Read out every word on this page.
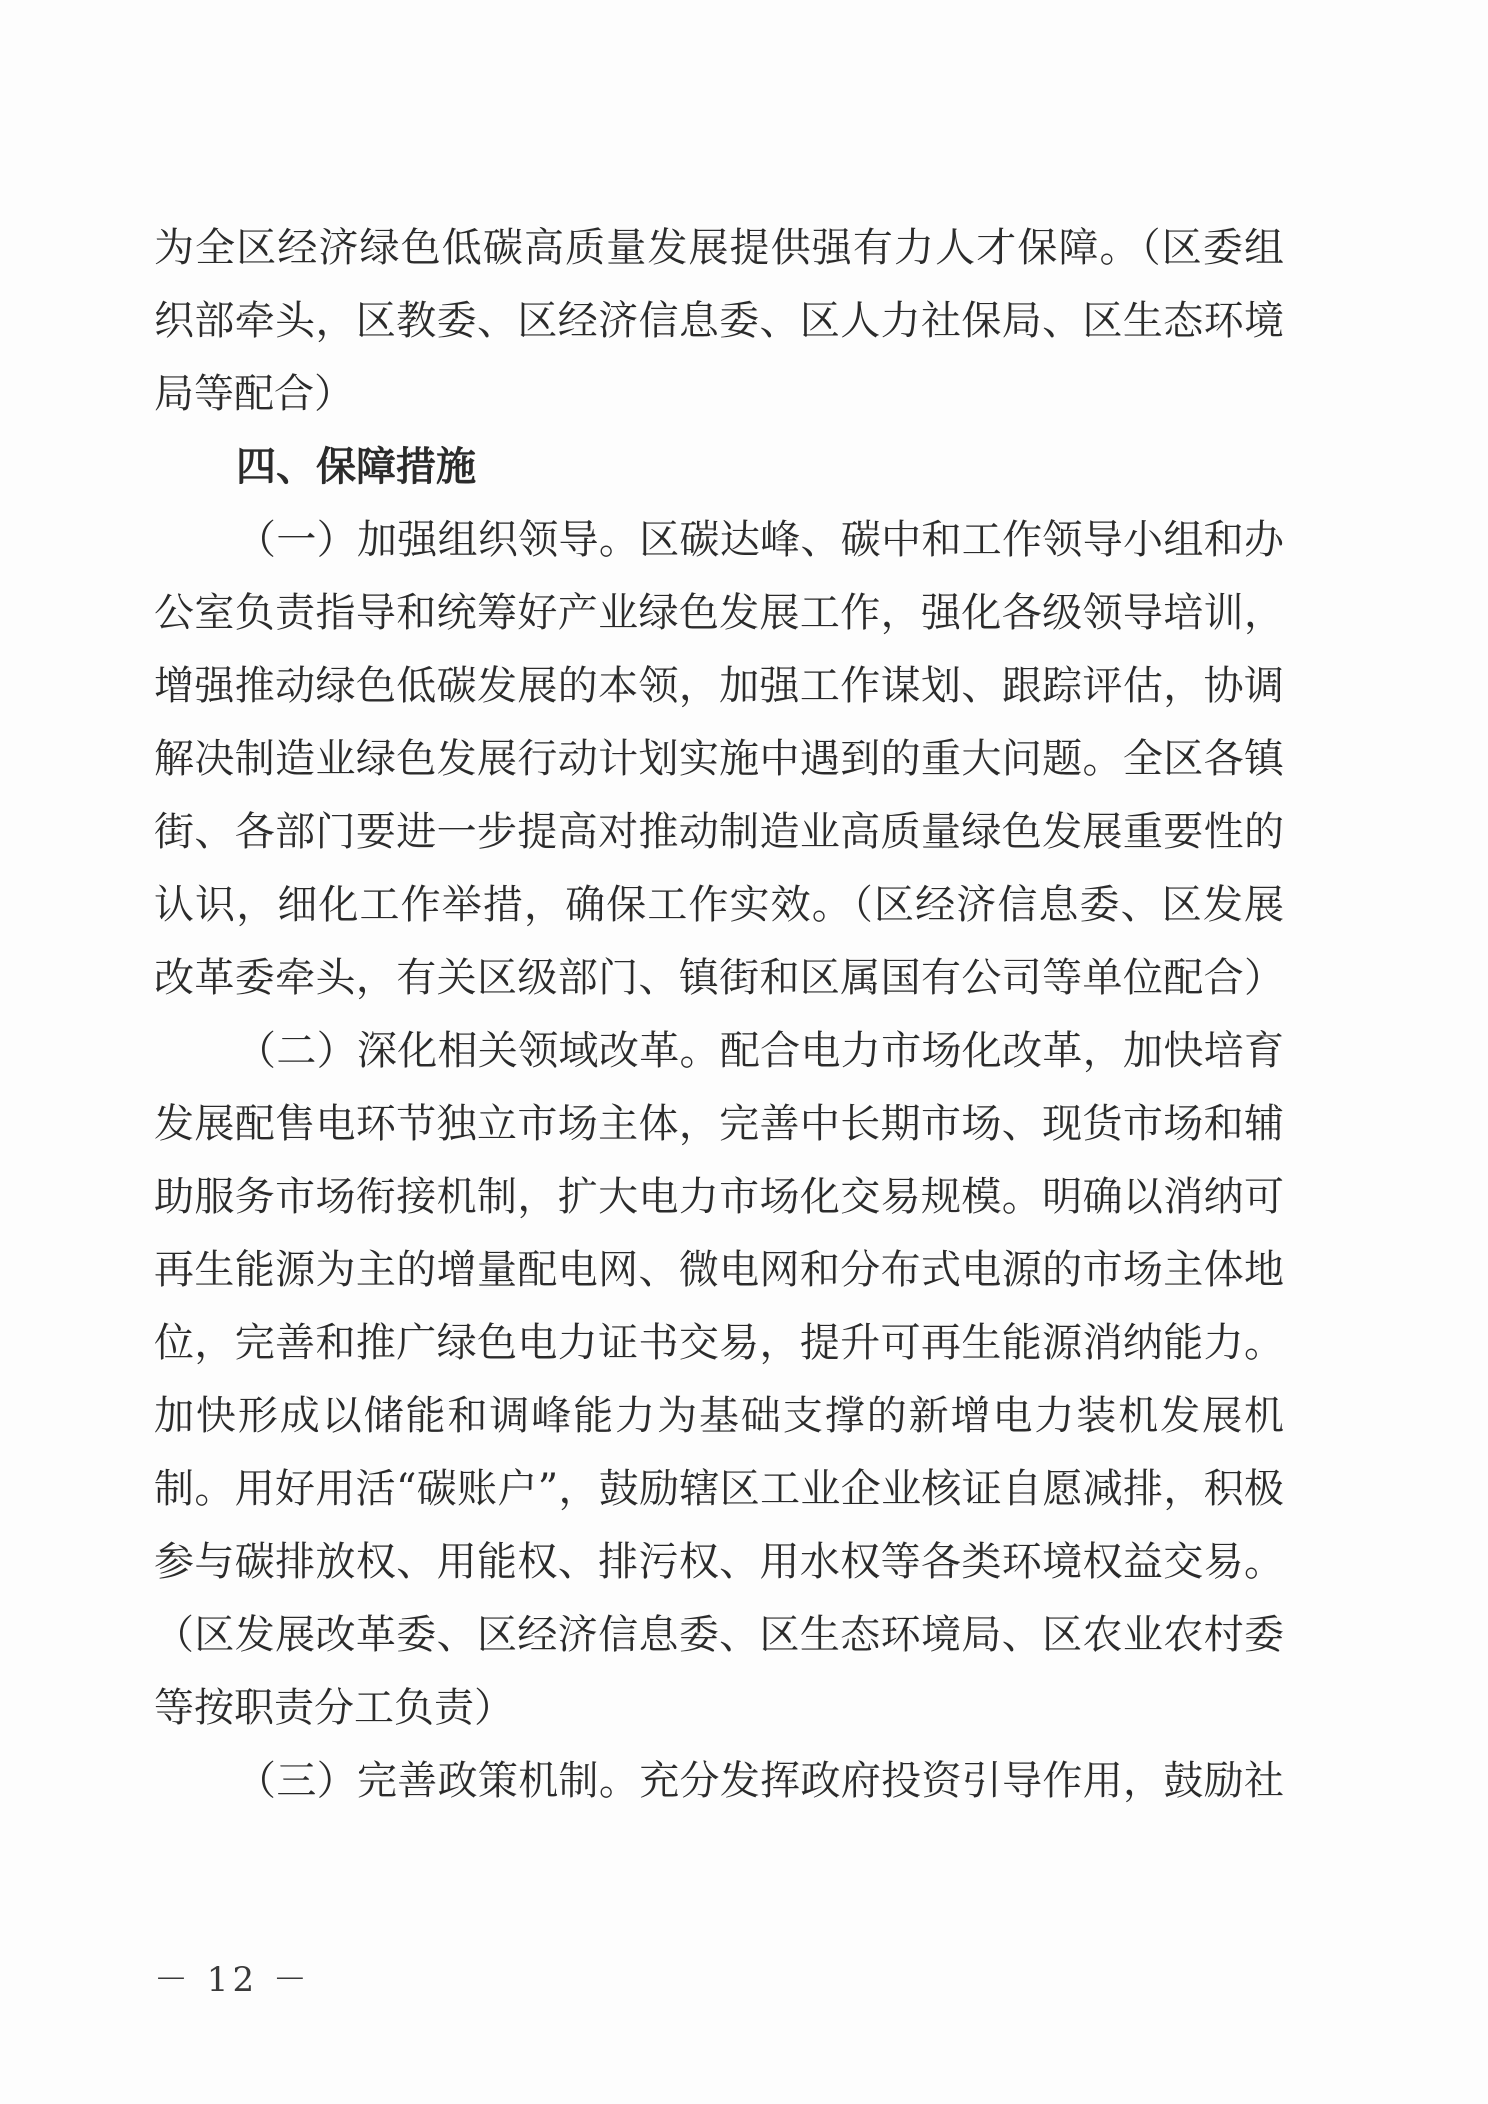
为全区经济绿色低碳高质量发展提供强有力人才保障。（区委组
织部牵头，区教委、区经济信息委、区人力社保局、区生态环境
局等配合）
四、保障措施
（一）加强组织领导。区碳达峰、碳中和工作领导小组和办
公室负责指导和统筹好产业绿色发展工作，强化各级领导培训，
增强推动绿色低碳发展的本领，加强工作谋划、跟踪评估，协调
解决制造业绿色发展行动计划实施中遇到的重大问题。全区各镇
街、各部门要进一步提高对推动制造业高质量绿色发展重要性的
认识，细化工作举措，确保工作实效。（区经济信息委、区发展
改革委牵头，有关区级部门、镇街和区属国有公司等单位配合）
（二）深化相关领域改革。配合电力市场化改革，加快培育
发展配售电环节独立市场主体，完善中长期市场、现货市场和辅
助服务市场衔接机制，扩大电力市场化交易规模。明确以消纳可
再生能源为主的增量配电网、微电网和分布式电源的市场主体地
位，完善和推广绿色电力证书交易，提升可再生能源消纳能力。
加快形成以储能和调峰能力为基础支撑的新增电力装机发展机
制。用好用活“碳账户”，鼓励辖区工业企业核证自愿减排，积极
参与碳排放权、用能权、排污权、用水权等各类环境权益交易。
（区发展改革委、区经济信息委、区生态环境局、区农业农村委
等按职责分工负责）
（三）完善政策机制。充分发挥政府投资引导作用，鼓励社
－ 12 －
